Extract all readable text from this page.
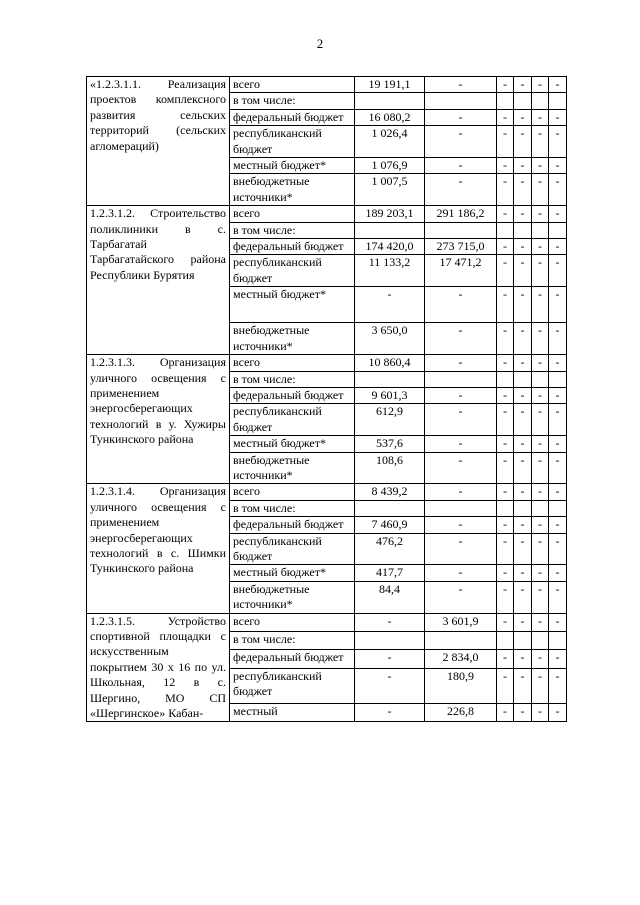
2
«1.2.3.1.1. Реализация проектов комплексного развития сельских территорий (сельских агломераций)	всего	19 191,1	-	-	-	-	-
	в том числе:						
	федеральный бюджет	16 080,2	-	-	-	-	-
	республиканский бюджет	1 026,4	-	-	-	-	-
	местный бюджет*	1 076,9	-	-	-	-	-
	внебюджетные источники*	1 007,5	-	-	-	-	-
1.2.3.1.2. Строительство поликлиники в с. Тарбагатай Тарбагатайского района Республики Бурятия	всего	189 203,1	291 186,2	-	-	-	-
	в том числе:						
	федеральный бюджет	174 420,0	273 715,0	-	-	-	-
	республиканский бюджет	11 133,2	17 471,2	-	-	-	-
	местный бюджет*	-	-	-	-	-	-
	внебюджетные источники*	3 650,0	-	-	-	-	-
1.2.3.1.3. Организация уличного освещения с применением энергосберегающих технологий в у. Хужиры Тункинского района	всего	10 860,4	-	-	-	-	-
	в том числе:						
	федеральный бюджет	9 601,3	-	-	-	-	-
	республиканский бюджет	612,9	-	-	-	-	-
	местный бюджет*	537,6	-	-	-	-	-
	внебюджетные источники*	108,6	-	-	-	-	-
1.2.3.1.4. Организация уличного освещения с применением энергосберегающих технологий в с. Шимки Тункинского района	всего	8 439,2	-	-	-	-	-
	в том числе:						
	федеральный бюджет	7 460,9	-	-	-	-	-
	республиканский бюджет	476,2	-	-	-	-	-
	местный бюджет*	417,7	-	-	-	-	-
	внебюджетные источники*	84,4	-	-	-	-	-
1.2.3.1.5. Устройство спортивной площадки с искусственным покрытием 30 х 16 по ул. Школьная, 12 в с. Шергино, МО СП «Шергинское» Кабан-	всего	-	3 601,9	-	-	-	-
	в том числе:						
	федеральный бюджет	-	2 834,0	-	-	-	-
	республиканский бюджет	-	180,9	-	-	-	-
	местный	-	226,8	-	-	-	-
